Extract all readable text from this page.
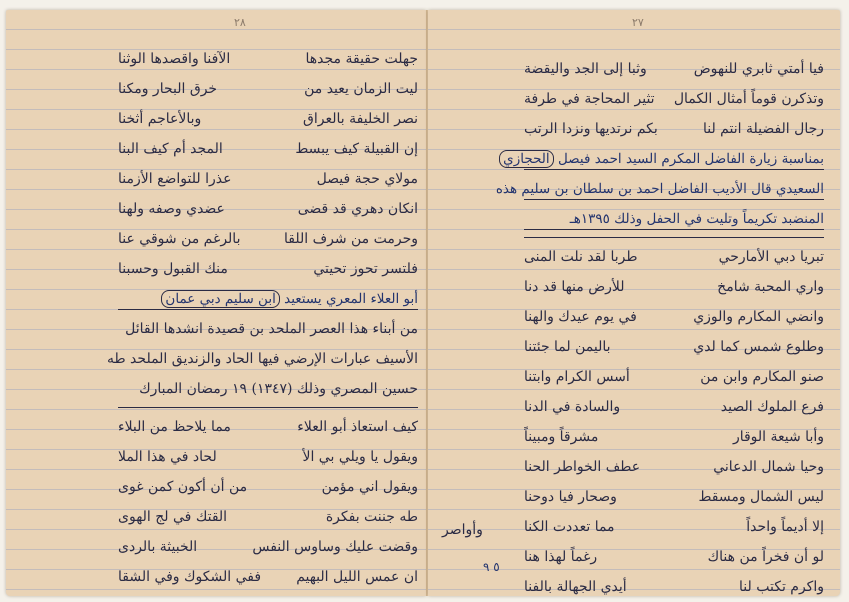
٢٨
جهلت حقيقة مجدها
الآفنا واقصدها الوثنا
ليت الزمان يعيد من
خرق البحار ومكنا
نصر الخليفة بالعراق
وبالأعاجم أثخنا
إن القبيلة كيف يبسط
المجد أم كيف البنا
مولاي حجة فيصل
عذرا للتواضع الأزمنا
انكان دهري قد قضى
عضدي وصفه ولهنا
وحرمت من شرف اللقا
بالرغم من شوقي عنا
فلتسر تحوز تحيتي
منك القبول وحسبنا
أبو العلاء المعري يستعيد ابن سليم دبي عمان
من أبناء هذا العصر الملحد بن قصيدة انشدها القائل
الأسيف عبارات الإرضي فيها الحاد والزنديق الملحد طه
حسين المصري وذلك (١٣٤٧) ١٩ رمضان المبارك
كيف استعاذ أبو العلاء
مما يلاحظ من البلاء
ويقول يا ويلي بي الأ
لحاد في هذا الملا
ويقول اني مؤمن
من أن أكون كمن غوى
طه جننت بفكرة
القتك في لج الهوى
وقضت عليك وساوس النفس
الخبيثة بالردى
ان عمس الليل البهيم
ففي الشكوك وفي الشقا
٢٧
فيا أمتي ثابري للنهوض
وثبا إلى الجد واليقضة
وتذكرن قوماً أمثال الكمال
تثير المحاجة في طرفة
رجال الفضيلة انتم لنا
بكم نرتديها ونزدا الرتب
بمناسبة زيارة الفاضل المكرم السيد احمد فيصل الحجازي
السعيدي قال الأديب الفاضل احمد بن سلطان بن سليم هذه
المنضبد تكريماً وتليت في الحفل وذلك ١٣٩٥هـ
تبريا دبي الأمارحي
طربا لقد نلت المنى
واري المحبة شامخ
للأرض منها قد دنا
وانضي المكارم والوزي
في يوم عيدك والهنا
وطلوع شمس كما لدي
باليمن لما جئتنا
صنو المكارم وابن من
أسس الكرام وابتنا
فرع الملوك الصيد
والسادة في الدنا
وأبا شيعة الوقار
مشرقاً ومبيناً
وحيا شمال الدعاني
عطف الخواطر الحنا
ليس الشمال ومسقط
وصحار فيا دوحنا
إلا أديماً واحداً
مما تعددت الكنا
لو أن فخراً من هناك
رغماً لهذا هنا
واكرم تكتب لنا
أيدي الجهالة بالفنا
وأواصر
٥ ٩
